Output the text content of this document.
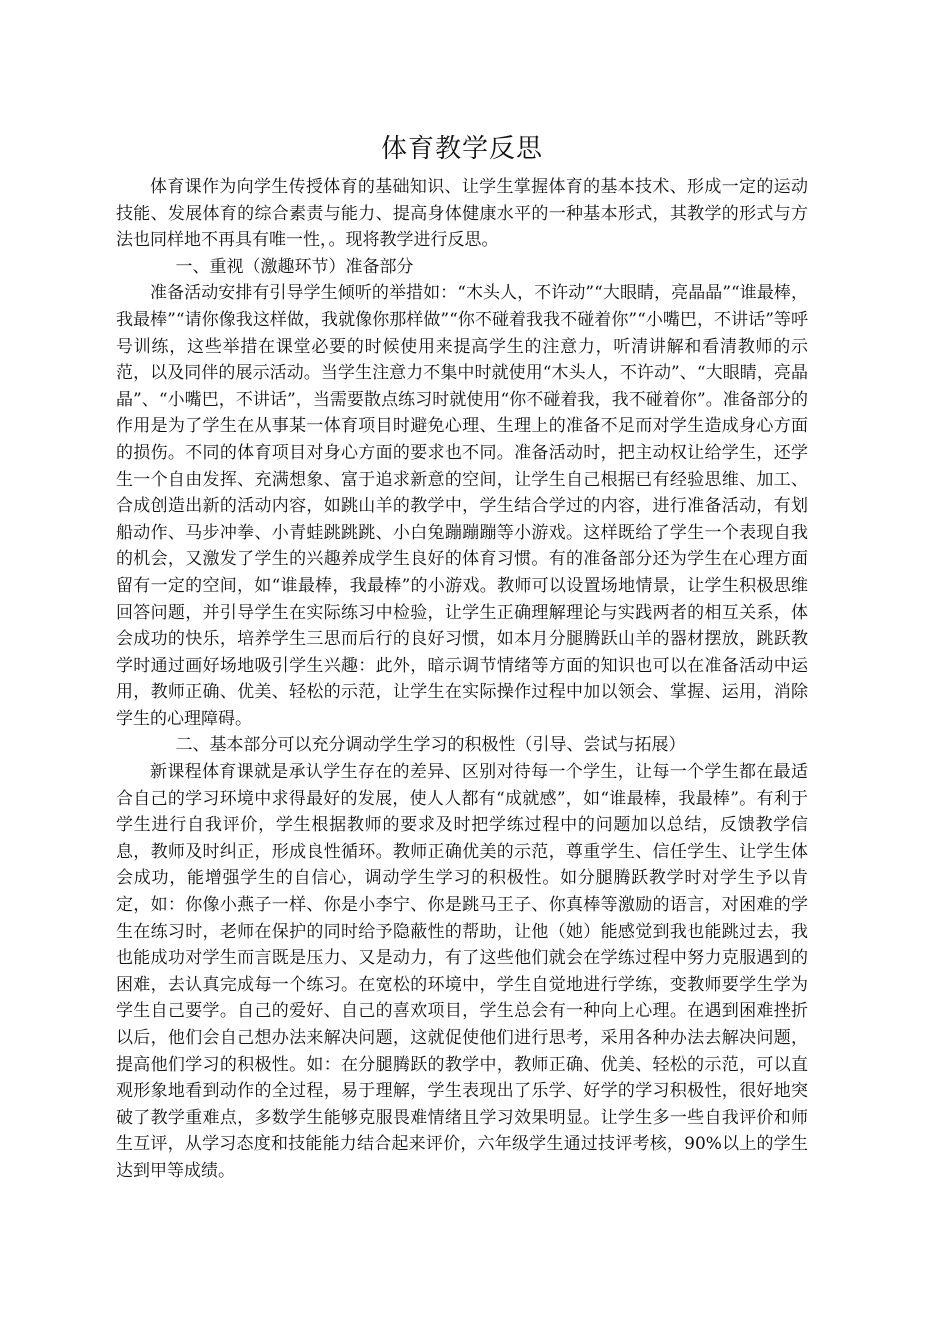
体育教学反思

体育课作为向学生传授体育的基础知识、让学生掌握体育的基本技术、形成一定的运动技能、发展体育的综合素责与能力、提高身体健康水平的一种基本形式，其教学的形式与方法也同样地不再具有唯一性，。现将教学进行反思。

一、重视（激趣环节）准备部分

准备活动安排有引导学生倾听的举措如：“木头人，不许动”“大眼睛，亮晶晶”“谁最棒，我最棒”“请你像我这样做，我就像你那样做”“你不碰着我我不碰着你”“小嘴巴，不讲话”等呼号训练，这些举措在课堂必要的时候使用来提高学生的注意力，听清讲解和看清教师的示范，以及同伴的展示活动。当学生注意力不集中时就使用“木头人，不许动”、“大眼睛，亮晶晶”、“小嘴巴，不讲话”，当需要散点练习时就使用“你不碰着我，我不碰着你”。准备部分的作用是为了学生在从事某一体育项目时避免心理、生理上的准备不足而对学生造成身心方面的损伤。不同的体育项目对身心方面的要求也不同。准备活动时，把主动权让给学生，还学生一个自由发挥、充满想象、富于追求新意的空间，让学生自己根据已有经验思维、加工、合成创造出新的活动内容，如跳山羊的教学中，学生结合学过的内容，进行准备活动，有划船动作、马步冲拳、小青蛙跳跳跳、小白兔蹦蹦蹦等小游戏。这样既给了学生一个表现自我的机会，又激发了学生的兴趣养成学生良好的体育习惯。有的准备部分还为学生在心理方面留有一定的空间，如“谁最棒，我最棒”的小游戏。教师可以设置场地情景，让学生积极思维回答问题，并引导学生在实际练习中检验，让学生正确理解理论与实践两者的相互关系，体会成功的快乐，培养学生三思而后行的良好习惯，如本月分腿腾跃山羊的器材摆放，跳跃教学时通过画好场地吸引学生兴趣：此外，暗示调节情绪等方面的知识也可以在准备活动中运用，教师正确、优美、轻松的示范，让学生在实际操作过程中加以领会、掌握、运用，消除学生的心理障碍。

二、基本部分可以充分调动学生学习的积极性（引导、尝试与拓展）

新课程体育课就是承认学生存在的差异、区别对待每一个学生，让每一个学生都在最适合自己的学习环境中求得最好的发展，使人人都有“成就感”，如“谁最棒，我最棒”。有利于学生进行自我评价，学生根据教师的要求及时把学练过程中的问题加以总结，反馈教学信息，教师及时纠正，形成良性循环。教师正确优美的示范，尊重学生、信任学生、让学生体会成功，能增强学生的自信心，调动学生学习的积极性。如分腿腾跃教学时对学生予以肯定，如：你像小燕子一样、你是小李宁、你是跳马王子、你真棒等激励的语言，对困难的学生在练习时，老师在保护的同时给予隐蔽性的帮助，让他（她）能感觉到我也能跳过去，我也能成功对学生而言既是压力、又是动力，有了这些他们就会在学练过程中努力克服遇到的困难，去认真完成每一个练习。在宽松的环境中，学生自觉地进行学练，变教师要学生学为学生自己要学。自己的爱好、自己的喜欢项目，学生总会有一种向上心理。在遇到困难挫折以后，他们会自己想办法来解决问题，这就促使他们进行思考，采用各种办法去解决问题，提高他们学习的积极性。如：在分腿腾跃的教学中，教师正确、优美、轻松的示范，可以直观形象地看到动作的全过程，易于理解，学生表现出了乐学、好学的学习积极性，很好地突破了教学重难点，多数学生能够克服畏难情绪且学习效果明显。让学生多一些自我评价和师生互评，从学习态度和技能能力结合起来评价，六年级学生通过技评考核，90%以上的学生达到甲等成绩。
